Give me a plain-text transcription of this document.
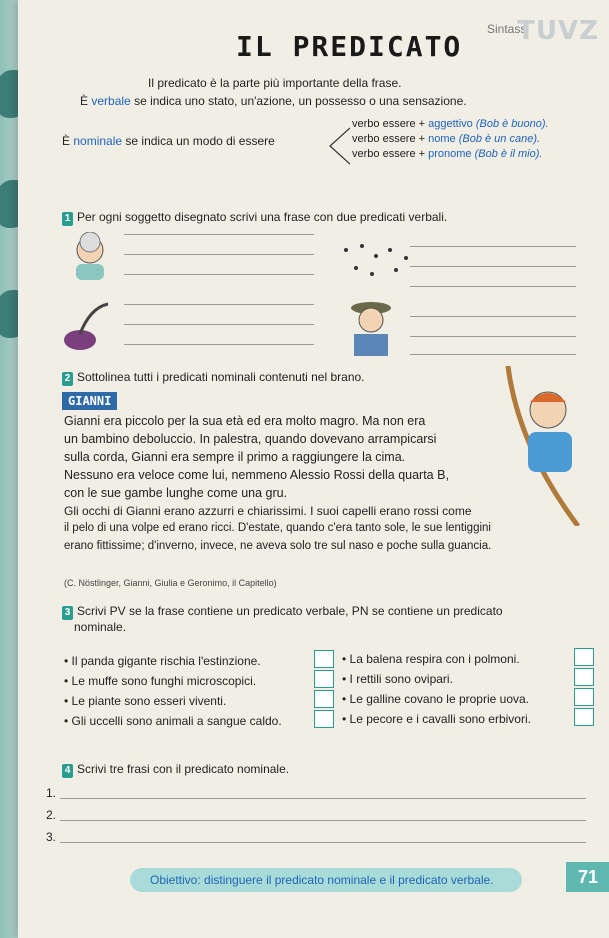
Sintassi
TUVZ
IL PREDICATO
Il predicato è la parte più importante della frase.
È verbale se indica uno stato, un'azione, un possesso o una sensazione.
È nominale se indica un modo di essere
verbo essere + aggettivo (Bob è buono).
verbo essere + nome (Bob è un cane).
verbo essere + pronome (Bob è il mio).
1 Per ogni soggetto disegnato scrivi una frase con due predicati verbali.
2 Sottolinea tutti i predicati nominali contenuti nel brano.
GIANNI
Gianni era piccolo per la sua età ed era molto magro. Ma non era
un bambino deboluccio. In palestra, quando dovevano arrampicarsi
sulla corda, Gianni era sempre il primo a raggiungere la cima.
Nessuno era veloce come lui, nemmeno Alessio Rossi della quarta B,
con le sue gambe lunghe come una gru.
Gli occhi di Gianni erano azzurri e chiarissimi. I suoi capelli erano rossi come
il pelo di una volpe ed erano ricci. D'estate, quando c'era tanto sole, le sue lentiggini
erano fittissime; d'inverno, invece, ne aveva solo tre sul naso e poche sulla guancia.
(C. Nöstlinger, Gianni, Giulia e Geronimo, il Capitello)
3 Scrivi PV se la frase contiene un predicato verbale, PN se contiene un predicato
nominale.
• Il panda gigante rischia l'estinzione.
• Le muffe sono funghi microscopici.
• Le piante sono esseri viventi.
• Gli uccelli sono animali a sangue caldo.
• La balena respira con i polmoni.
• I rettili sono ovipari.
• Le galline covano le proprie uova.
• Le pecore e i cavalli sono erbivori.
4 Scrivi tre frasi con il predicato nominale.
1.
2.
3.
Obiettivo: distinguere il predicato nominale e il predicato verbale.	71
